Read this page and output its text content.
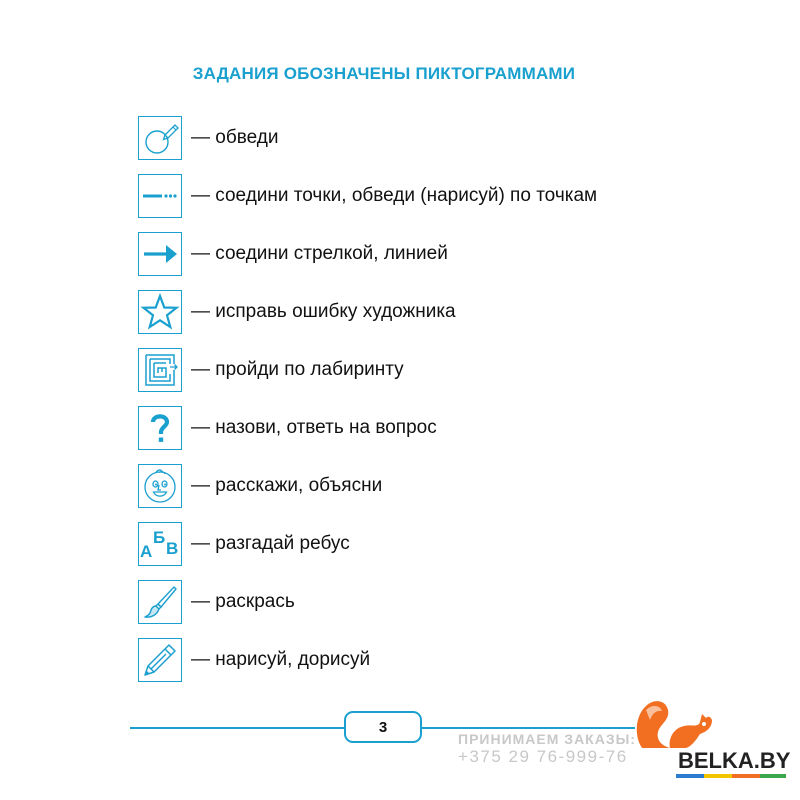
ЗАДАНИЯ ОБОЗНАЧЕНЫ ПИКТОГРАММАМИ
— обведи
— соедини точки, обведи (нарисуй) по точкам
— соедини стрелкой, линией
— исправь ошибку художника
— пройди по лабиринту
— назови, ответь на вопрос
— расскажи, объясни
А
Б
В — разгадай ребус
— раскрась
— нарисуй, дорисуй
3
ПРИНИМАЕМ ЗАКАЗЫ:
+375 29 76-999-76	BELKA.BY
